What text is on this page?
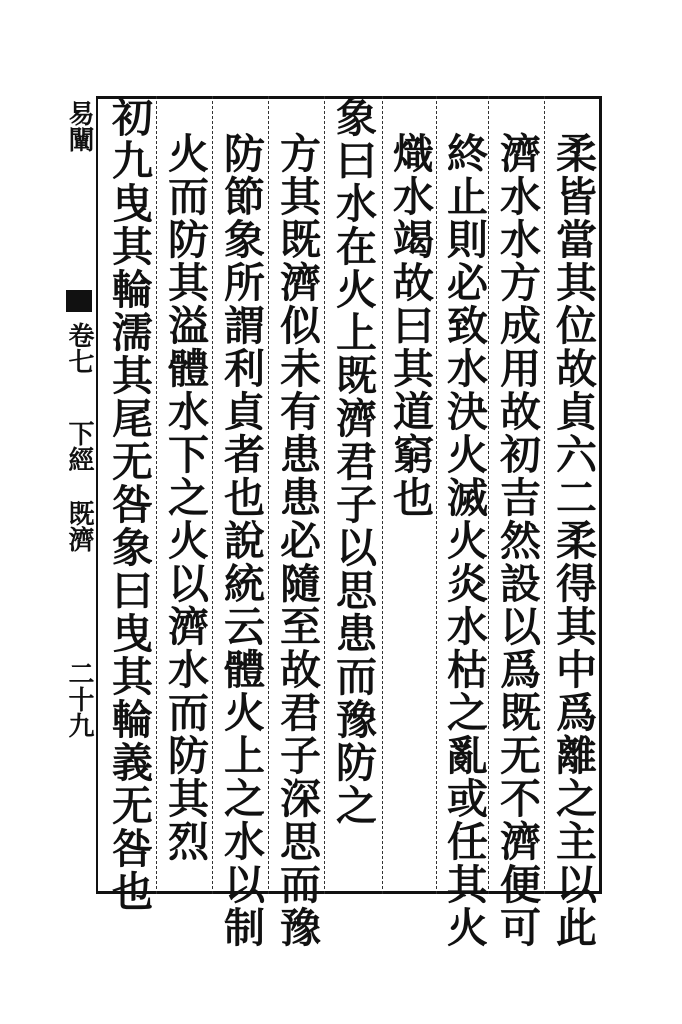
柔皆當其位故貞六二柔得其中爲離之主以此
濟水水方成用故初吉然設以爲既无不濟便可
終止則必致水決火滅火炎水枯之亂或任其火
熾水竭故曰其道窮也
象曰水在火上既濟君子以思患而豫防之
方其既濟似未有患患必隨至故君子深思而豫
防節象所謂利貞者也說統云體火上之水以制
火而防其溢體水下之火以濟水而防其烈
初九曳其輪濡其尾无咎象曰曳其輪義无咎也
易闡
卷七
下經
既濟
二十九
